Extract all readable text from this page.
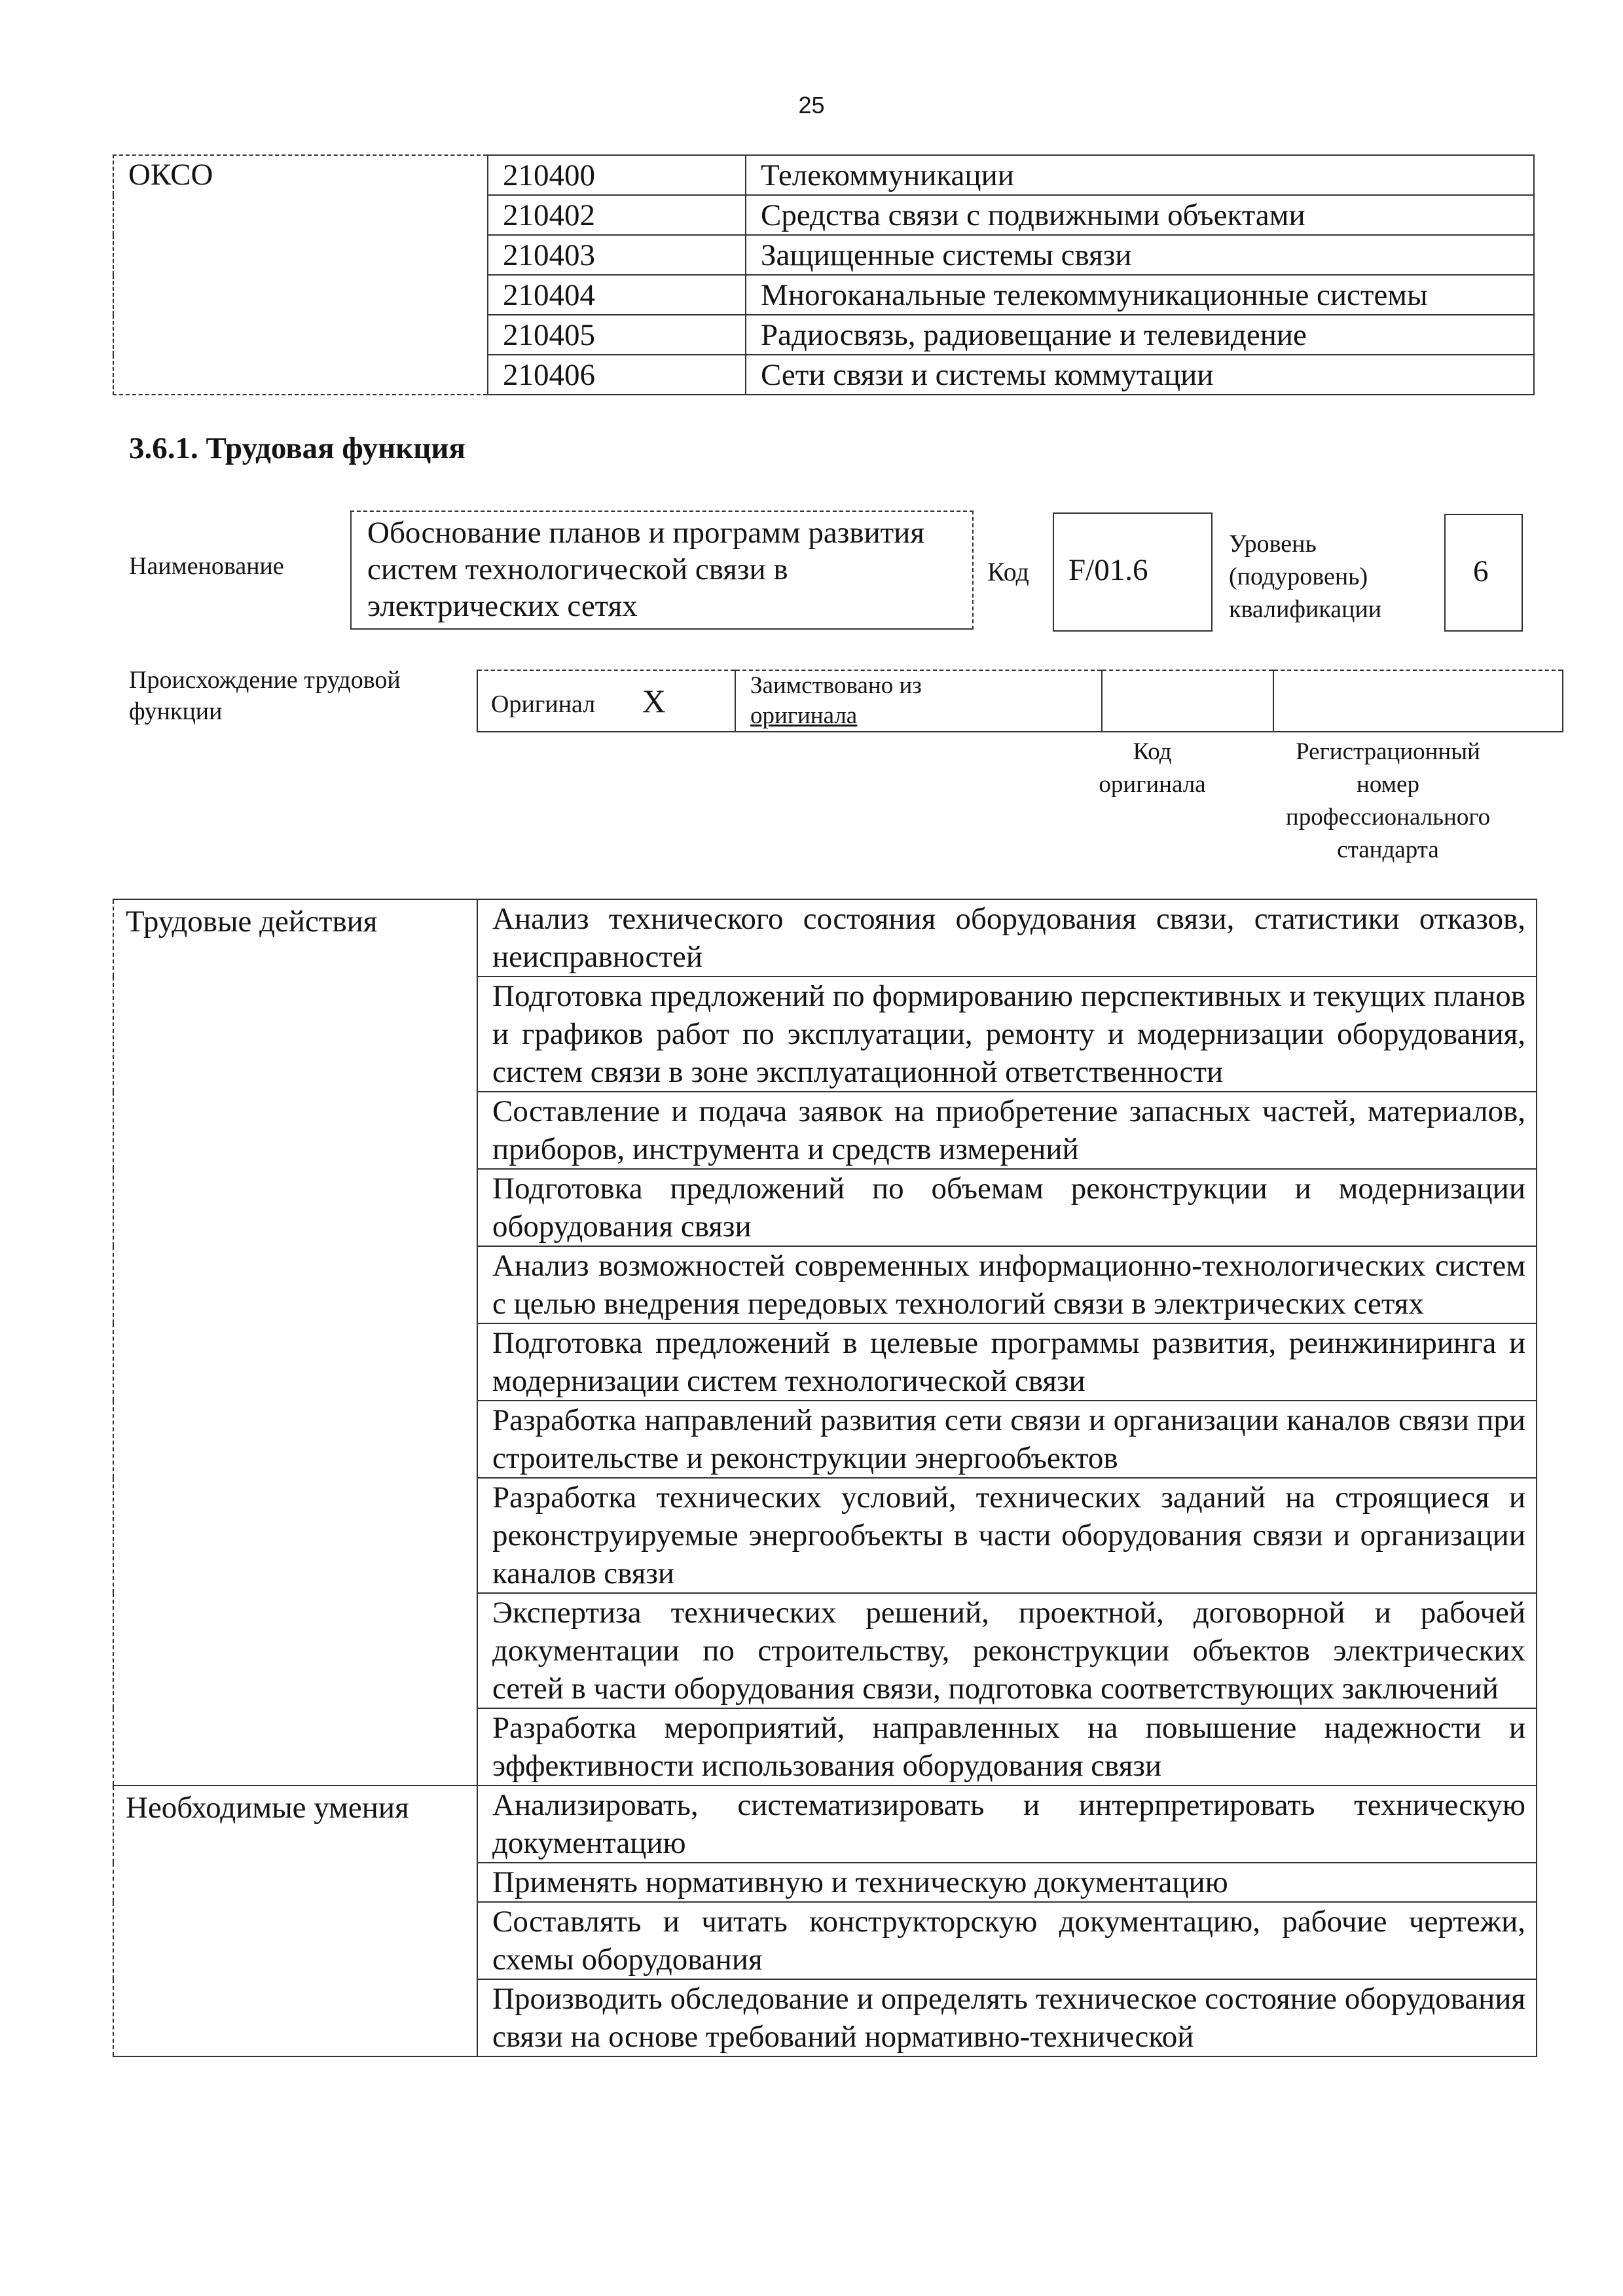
25
ОКСО	210400	Телекоммуникации
	210402	Средства связи с подвижными объектами
	210403	Защищенные системы связи
	210404	Многоканальные телекоммуникационные системы
	210405	Радиосвязь, радиовещание и телевидение
	210406	Сети связи и системы коммутации
3.6.1. Трудовая функция
Наименование
Обоснование планов и программ развития
систем технологической связи в
электрических сетях
Код F/01.6
Уровень
(подуровень)
квалификации
6
Происхождение трудовой
функции	Оригинал X	Заимствовано из
оригинала

Код
оригинала
Регистрационный
номер
профессионального
стандарта
Трудовые действия	Анализ технического состояния оборудования связи, статистики отказов, неисправностей
	Подготовка предложений по формированию перспективных и текущих планов и графиков работ по эксплуатации, ремонту и модернизации оборудования, систем связи в зоне эксплуатационной ответственности
	Составление и подача заявок на приобретение запасных частей, материалов, приборов, инструмента и средств измерений
	Подготовка предложений по объемам реконструкции и модернизации оборудования связи
	Анализ возможностей современных информационно-технологических систем с целью внедрения передовых технологий связи в электрических сетях
	Подготовка предложений в целевые программы развития, реинжиниринга и модернизации систем технологической связи
	Разработка направлений развития сети связи и организации каналов связи при строительстве и реконструкции энергообъектов
	Разработка технических условий, технических заданий на строящиеся и реконструируемые энергообъекты в части оборудования связи и организации каналов связи
	Экспертиза технических решений, проектной, договорной и рабочей документации по строительству, реконструкции объектов электрических сетей в части оборудования связи, подготовка соответствующих заключений
	Разработка мероприятий, направленных на повышение надежности и эффективности использования оборудования связи
Необходимые умения	Анализировать, систематизировать и интерпретировать техническую документацию
	Применять нормативную и техническую документацию
	Составлять и читать конструкторскую документацию, рабочие чертежи, схемы оборудования
	Производить обследование и определять техническое состояние оборудования связи на основе требований нормативно-технической
